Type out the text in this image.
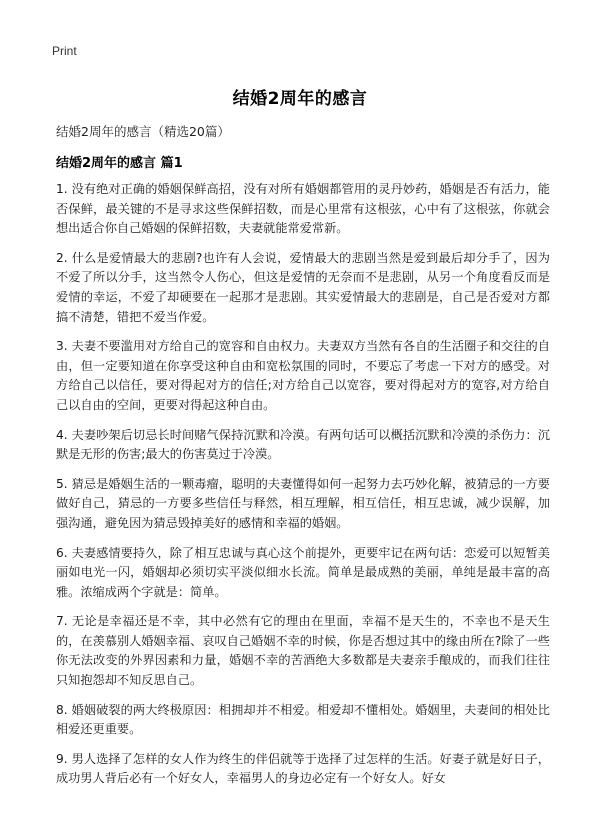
Print
结婚2周年的感言
结婚2周年的感言（精选20篇）
结婚2周年的感言 篇1

1. 没有绝对正确的婚姻保鲜高招，没有对所有婚姻都管用的灵丹妙药，婚姻是否有活力，能否保鲜，最关键的不是寻求这些保鲜招数，而是心里常有这根弦，心中有了这根弦，你就会想出适合你自己婚姻的保鲜招数，夫妻就能常爱常新。

2. 什么是爱情最大的悲剧?也许有人会说，爱情最大的悲剧当然是爱到最后却分手了，因为不爱了所以分手，这当然令人伤心，但这是爱情的无奈而不是悲剧，从另一个角度看反而是爱情的幸运，不爱了却硬要在一起那才是悲剧。其实爱情最大的悲剧是，自己是否爱对方都搞不清楚，错把不爱当作爱。

3. 夫妻不要滥用对方给自己的宽容和自由权力。夫妻双方当然有各自的生活圈子和交往的自由，但一定要知道在你享受这种自由和宽松氛围的同时，不要忘了考虑一下对方的感受。对方给自己以信任，要对得起对方的信任;对方给自己以宽容，要对得起对方的宽容,对方给自己以自由的空间，更要对得起这种自由。

4. 夫妻吵架后切忌长时间赌气保持沉默和冷漠。有两句话可以概括沉默和冷漠的杀伤力：沉默是无形的伤害;最大的伤害莫过于冷漠。

5. 猜忌是婚姻生活的一颗毒瘤，聪明的夫妻懂得如何一起努力去巧妙化解，被猜忌的一方要做好自己，猜忌的一方要多些信任与释然，相互理解，相互信任，相互忠诚，减少误解，加强沟通，避免因为猜忌毁掉美好的感情和幸福的婚姻。

6. 夫妻感情要持久，除了相互忠诚与真心这个前提外，更要牢记在两句话：恋爱可以短暂美丽如电光一闪，婚姻却必须切实平淡似细水长流。简单是最成熟的美丽，单纯是最丰富的高雅。浓缩成两个字就是：简单。

7. 无论是幸福还是不幸，其中必然有它的理由在里面，幸福不是天生的，不幸也不是天生的，在羡慕别人婚姻幸福、哀叹自己婚姻不幸的时候，你是否想过其中的缘由所在?除了一些你无法改变的外界因素和力量，婚姻不幸的苦酒绝大多数都是夫妻亲手酿成的，而我们往往只知抱怨却不知反思自己。

8. 婚姻破裂的两大终极原因：相拥却并不相爱。相爱却不懂相处。婚姻里，夫妻间的相处比相爱还更重要。

9. 男人选择了怎样的女人作为终生的伴侣就等于选择了过怎样的生活。好妻子就是好日子，成功男人背后必有一个好女人，幸福男人的身边必定有一个好女人。好女
